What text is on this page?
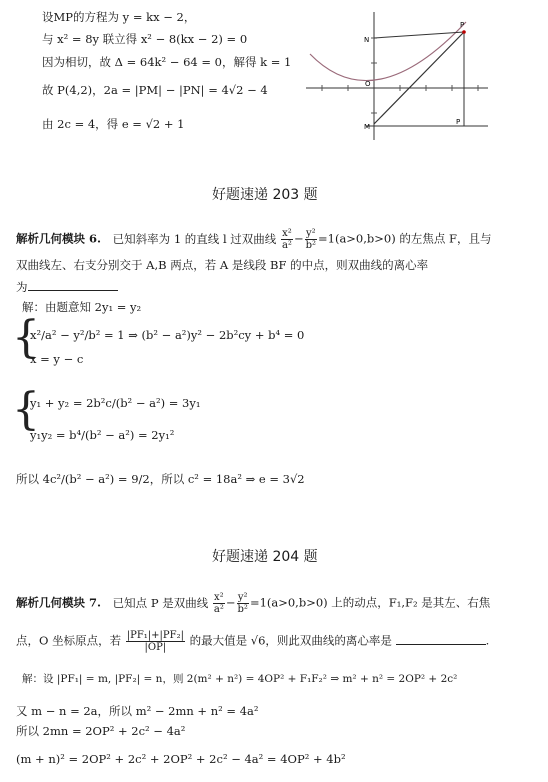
设MP的方程为 y = kx − 2，
与 x² = 8y 联立得 x² − 8(kx − 2) = 0
因为相切，故 Δ = 64k² − 64 = 0，解得 k = 1
故 P(4,2)，2a = |PM| − |PN| = 4√2 − 4
由 2c = 4，得 e = √2 + 1
N
P
O
M
P
好题速递 203 题
解析几何模块 6. 已知斜率为 1 的直线 l 过双曲线 $\frac{\text{x²}}{\text{a²}} - \frac{\text{y²}}{\text{b²}} =1(a>0,b>0)$ 的左焦点 F，且与
双曲线左、右支分别交于 A,B 两点，若 A 是线段 BF 的中点，则双曲线的离心率
为
解：由题意知 2y₁ = y₂
{
x²/a² − y²/b² = 1 ⇒ (b² − a²)y² − 2b²cy + b⁴ = 0
x = y − c
{
y₁ + y₂ = 2b²c/(b² − a²) = 3y₁
y₁y₂ = b⁴/(b² − a²) = 2y₁²
所以 4c²/(b² − a²) = 9/2，所以 c² = 18a² ⇒ e = 3√2
好题速递 204 题
解析几何模块 7. 已知点 P 是双曲线 $\frac{\text{x²}}{\text{a²}} - \frac{\text{y²}}{\text{b²}} =1(a>0,b>0)$ 上的动点，F₁,F₂ 是其左、右焦
点，O 坐标原点，若 $\frac{\text{|PF₁|+|PF₂|}}{|OP|}$ 的最大值是 √6，则此双曲线的离心率是	.
解：设 |PF₁| = m, |PF₂| = n，则 2(m² + n²) = 4OP² + F₁F₂² ⇒ m² + n² = 2OP² + 2c²
又 m − n = 2a，所以 m² − 2mn + n² = 4a²
所以 2mn = 2OP² + 2c² − 4a²
(m + n)² = 2OP² + 2c² + 2OP² + 2c² − 4a² = 4OP² + 4b²
